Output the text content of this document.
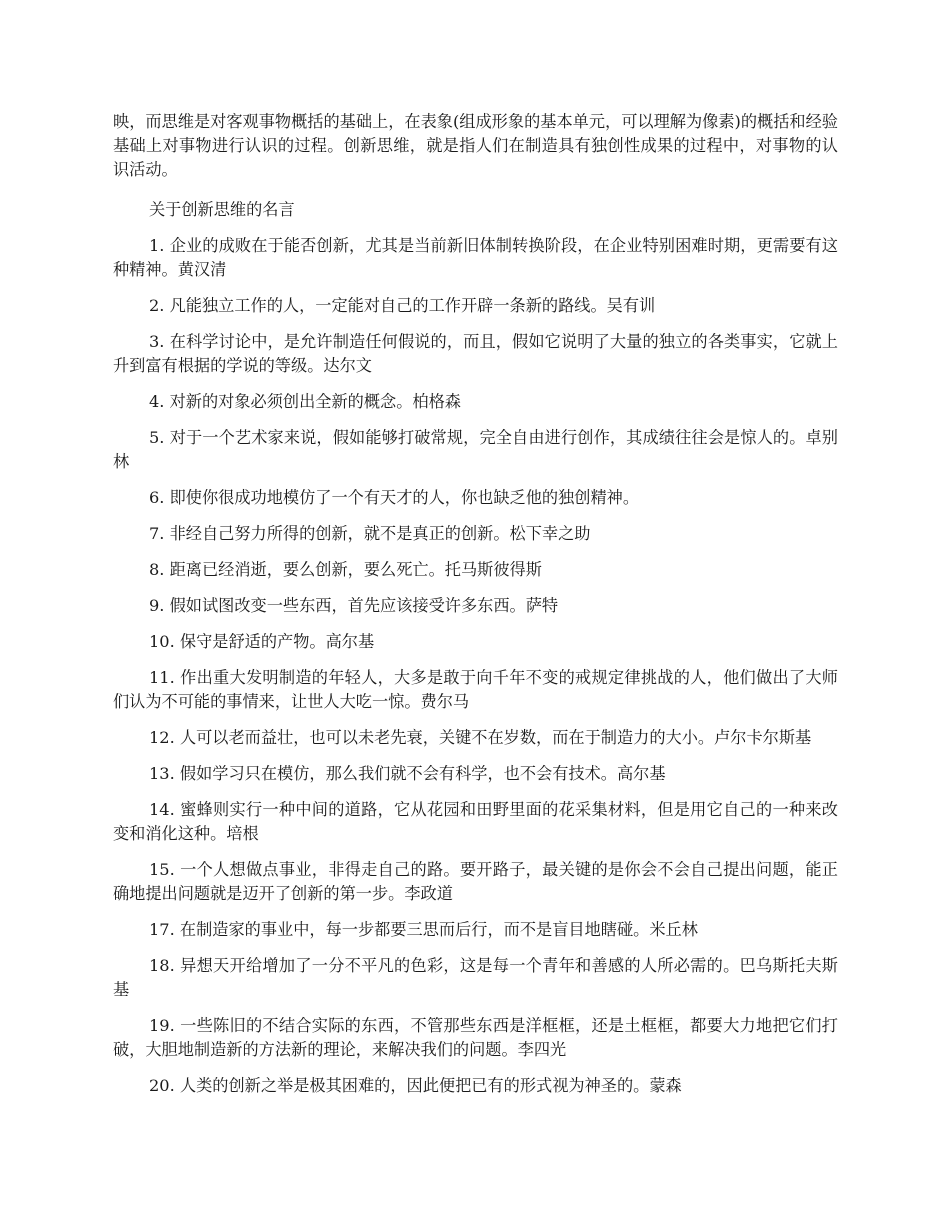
映，而思维是对客观事物概括的基础上，在表象(组成形象的基本单元，可以理解为像素)的概括和经验基础上对事物进行认识的过程。创新思维，就是指人们在制造具有独创性成果的过程中，对事物的认识活动。

关于创新思维的名言

1. 企业的成败在于能否创新，尤其是当前新旧体制转换阶段，在企业特别困难时期，更需要有这种精神。黄汉清

2. 凡能独立工作的人，一定能对自己的工作开辟一条新的路线。吴有训

3. 在科学讨论中，是允许制造任何假说的，而且，假如它说明了大量的独立的各类事实，它就上升到富有根据的学说的等级。达尔文

4. 对新的对象必须创出全新的概念。柏格森

5. 对于一个艺术家来说，假如能够打破常规，完全自由进行创作，其成绩往往会是惊人的。卓别林

6. 即使你很成功地模仿了一个有天才的人，你也缺乏他的独创精神。

7. 非经自己努力所得的创新，就不是真正的创新。松下幸之助

8. 距离已经消逝，要么创新，要么死亡。托马斯彼得斯

9. 假如试图改变一些东西，首先应该接受许多东西。萨特

10. 保守是舒适的产物。高尔基

11. 作出重大发明制造的年轻人，大多是敢于向千年不变的戒规定律挑战的人，他们做出了大师们认为不可能的事情来，让世人大吃一惊。费尔马

12. 人可以老而益壮，也可以未老先衰，关键不在岁数，而在于制造力的大小。卢尔卡尔斯基

13. 假如学习只在模仿，那么我们就不会有科学，也不会有技术。高尔基

14. 蜜蜂则实行一种中间的道路，它从花园和田野里面的花采集材料，但是用它自己的一种来改变和消化这种。培根

15. 一个人想做点事业，非得走自己的路。要开路子，最关键的是你会不会自己提出问题，能正确地提出问题就是迈开了创新的第一步。李政道

17. 在制造家的事业中，每一步都要三思而后行，而不是盲目地瞎碰。米丘林

18. 异想天开给增加了一分不平凡的色彩，这是每一个青年和善感的人所必需的。巴乌斯托夫斯基

19. 一些陈旧的不结合实际的东西，不管那些东西是洋框框，还是土框框，都要大力地把它们打破，大胆地制造新的方法新的理论，来解决我们的问题。李四光

20. 人类的创新之举是极其困难的，因此便把已有的形式视为神圣的。蒙森
